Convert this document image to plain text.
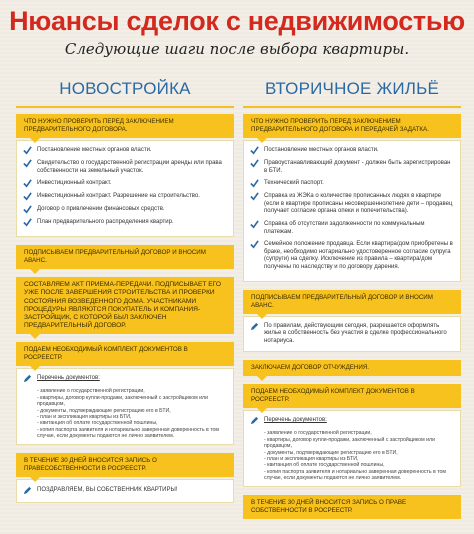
Нюансы сделок с недвижимостью
Следующие шаги после выбора квартиры.
НОВОСТРОЙКА
ЧТО НУЖНО ПРОВЕРИТЬ ПЕРЕД ЗАКЛЮЧЕНИЕМ ПРЕДВАРИТЕЛЬНОГО ДОГОВОРА.
Постановление местных органов власти.
Свидетельство о государственной регистрации аренды или права собственности на земельный участок.
Инвестиционный контракт.
Инвестиционный контракт. Разрешение на строительство.
Договор о привлечении финансовых средств.
План предварительного распределения квартир.
ПОДПИСЫВАЕМ ПРЕДВАРИТЕЛЬНЫЙ ДОГОВОР И ВНОСИМ АВАНС.
СОСТАВЛЯЕМ АКТ ПРИЕМА-ПЕРЕДАЧИ. ПОДПИСЫВАЕТ ЕГО УЖЕ ПОСЛЕ ЗАВЕРШЕНИЯ СТРОИТЕЛЬСТВА И ПРОВЕРКИ СОСТОЯНИЯ ВОЗВЕДЕННОГО ДОМА. УЧАСТНИКАМИ ПРОЦЕДУРЫ ЯВЛЯЮТСЯ ПОКУПАТЕЛЬ И КОМПАНИЯ-ЗАСТРОЙЩИК, С КОТОРОЙ БЫЛ ЗАКЛЮЧЕН ПРЕДВАРИТЕЛЬНЫЙ ДОГОВОР.
ПОДАЕМ НЕОБХОДИМЫЙ КОМПЛЕКТ ДОКУМЕНТОВ В РОСРЕЕСТР.
Перечень документов:
- заявление о государственной регистрации,
- квартиры, договор купли-продажи, заключенный с застройщиком или продавцом,
- документы, подтверждающие регистрацию его в БТИ,
- план и экспликация квартиры из БТИ,
- квитанция об оплате государственной пошлины,
- копия паспорта заявителя и нотариально заверенная доверенность в том случае, если документы подаются не лично заявителем.
В ТЕЧЕНИЕ 30 ДНЕЙ ВНОСИТСЯ ЗАПИСЬ О ПРАВЕСОБСТВЕННОСТИ В РОСРЕЕСТР.
ПОЗДРАВЛЯЕМ, ВЫ СОБСТВЕННИК КВАРТИРЫ!
ВТОРИЧНОЕ ЖИЛЬЁ
ЧТО НУЖНО ПРОВЕРИТЬ ПЕРЕД ЗАКЛЮЧЕНИЕМ ПРЕДВАРИТЕЛЬНОГО ДОГОВОРА И ПЕРЕДАЧЕЙ ЗАДАТКА.
Постановление местных органов власти.
Правоустанавливающий документ - должен быть зарегистрирован в БТИ.
Технический паспорт.
Справка из ЖЭКа о количестве прописанных людях в квартире (если в квартире прописаны несовершеннолетние дети – продавец получает согласие органа опеки и попечительства).
Справка об отсутствии задолженности по коммунальным платежам.
Семейное положение продавца. Если квартира/дом приобретены в браке, необходимо нотариально удостоверенное согласие супруга (супруги) на сделку. Исключение из правила – квартира/дом получены по наследству и по договору дарения.
ПОДПИСЫВАЕМ ПРЕДВАРИТЕЛЬНЫЙ ДОГОВОР И ВНОСИМ АВАНС.
По правилам, действующим сегодня, разрешается оформлять жилье в собственность без участия в сделке профессионального нотариуса.
ЗАКЛЮЧАЕМ ДОГОВОР ОТЧУЖДЕНИЯ.
ПОДАЕМ НЕОБХОДИМЫЙ КОМПЛЕКТ ДОКУМЕНТОВ В РОСРЕЕСТР.
Перечень документов:
- заявление о государственной регистрации,
- квартиры, договор купли-продажи, заключенный с застройщиком или продавцом,
- документы, подтверждающие регистрацию его в БТИ,
- план и экспликация квартиры из БТИ,
- квитанция об оплате государственной пошлины,
- копия паспорта заявителя и нотариально заверенная доверенность в том случае, если документы подаются не лично заявителем.
В ТЕЧЕНИЕ 30 ДНЕЙ ВНОСИТСЯ ЗАПИСЬ О ПРАВЕ СОБСТВЕННОСТИ В РОСРЕЕСТР.
